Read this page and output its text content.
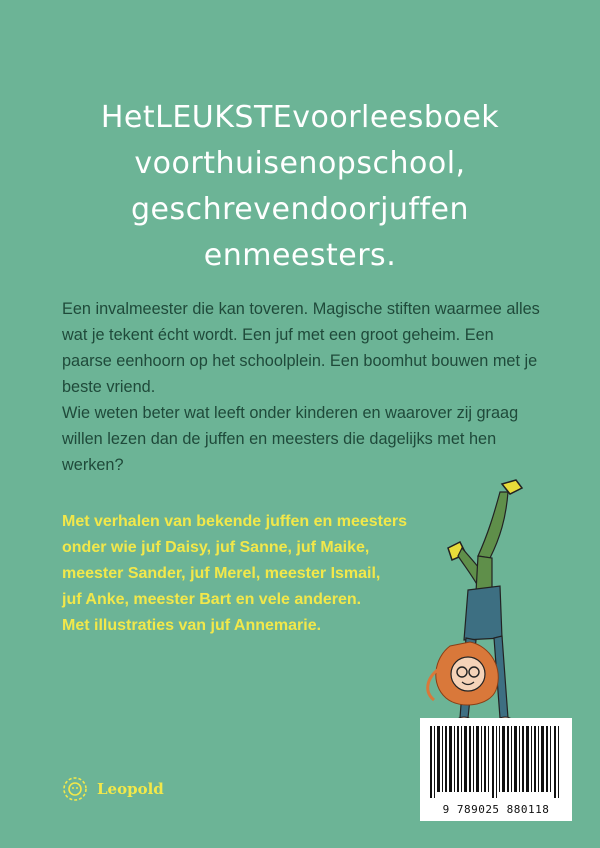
HetLEUKSTEvoorleesboek
voorthuisenopschool,
geschrevendoorjuffen
enmeesters.

Een invalmeester die kan toveren. Magische stiften waarmee alles wat je tekent écht wordt. Een juf met een groot geheim. Een paarse eenhoorn op het schoolplein. Een boomhut bouwen met je beste vriend.

Wie weten beter wat leeft onder kinderen en waarover zij graag willen lezen dan de juffen en meesters die dagelijks met hen werken?

Met verhalen van bekende juffen en meesters
onder wie juf Daisy, juf Sanne, juf Maike,
meester Sander, juf Merel, meester Ismail,
juf Anke, meester Bart en vele anderen.
Met illustraties van juf Annemarie.
9 789025 880118
Leopold
